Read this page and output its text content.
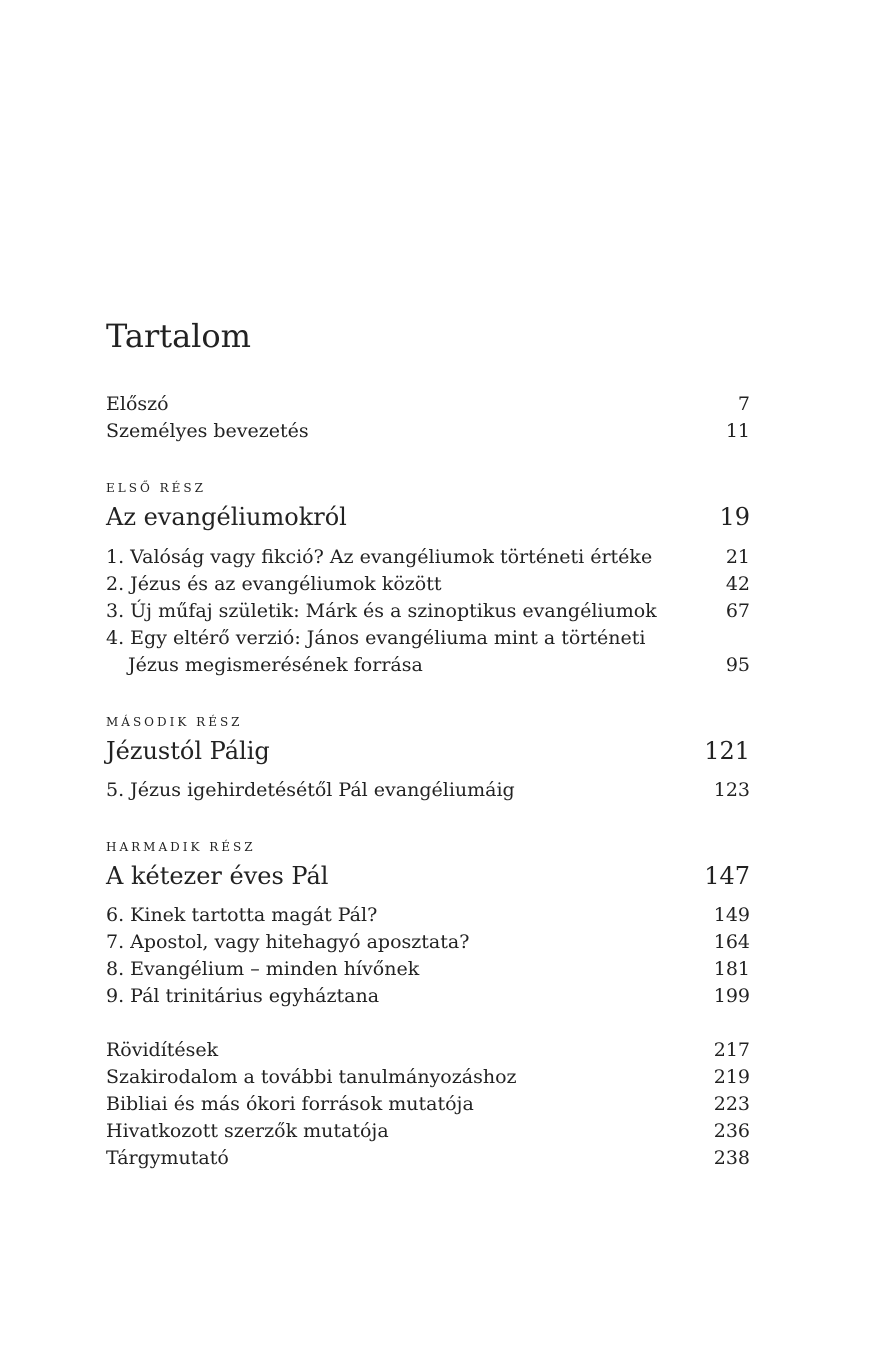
Tartalom
Előszó	7
Személyes bevezetés	11
ELSŐ RÉSZ
Az evangéliumokról	19
1. Valóság vagy fikció? Az evangéliumok történeti értéke	21
2. Jézus és az evangéliumok között	42
3. Új műfaj születik: Márk és a szinoptikus evangéliumok	67
4. Egy eltérő verzió: János evangéliuma mint a történeti
Jézus megismerésének forrása	95
MÁSODIK RÉSZ
Jézustól Pálig	121
5. Jézus igehirdetésétől Pál evangéliumáig	123
HARMADIK RÉSZ
A kétezer éves Pál	147
6. Kinek tartotta magát Pál?	149
7. Apostol, vagy hitehagyó aposztata?	164
8. Evangélium – minden hívőnek	181
9. Pál trinitárius egyháztana	199
Rövidítések	217
Szakirodalom a további tanulmányozáshoz	219
Bibliai és más ókori források mutatója	223
Hivatkozott szerzők mutatója	236
Tárgymutató	238
